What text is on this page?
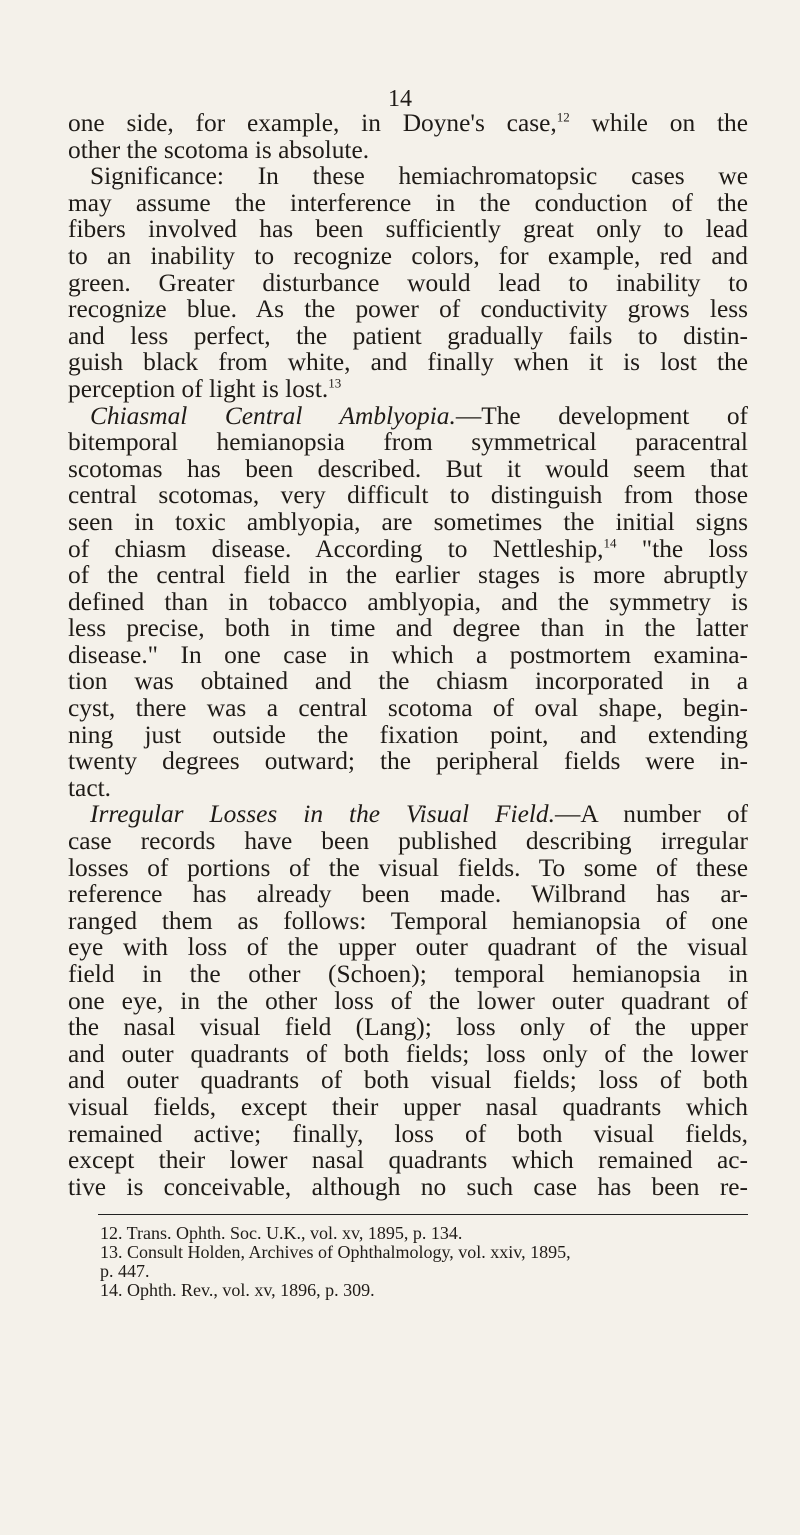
14
one side, for example, in Doyne's case,$^{12}$ while on the
other the scotoma is absolute.
Significance: In these hemiachromatopsic cases we
may assume the interference in the conduction of the
fibers involved has been sufficiently great only to lead
to an inability to recognize colors, for example, red and
green. Greater disturbance would lead to inability to
recognize blue. As the power of conductivity grows less
and less perfect, the patient gradually fails to distin-
guish black from white, and finally when it is lost the
perception of light is lost.$^{13}$
Chiasmal Central Amblyopia.—The development of
bitemporal hemianopsia from symmetrical paracentral
scotomas has been described. But it would seem that
central scotomas, very difficult to distinguish from those
seen in toxic amblyopia, are sometimes the initial signs
of chiasm disease. According to Nettleship,$^{14}$ "the loss
of the central field in the earlier stages is more abruptly
defined than in tobacco amblyopia, and the symmetry is
less precise, both in time and degree than in the latter
disease." In one case in which a postmortem examina-
tion was obtained and the chiasm incorporated in a
cyst, there was a central scotoma of oval shape, begin-
ning just outside the fixation point, and extending
twenty degrees outward; the peripheral fields were in-
tact.
Irregular Losses in the Visual Field.—A number of
case records have been published describing irregular
losses of portions of the visual fields. To some of these
reference has already been made. Wilbrand has ar-
ranged them as follows: Temporal hemianopsia of one
eye with loss of the upper outer quadrant of the visual
field in the other (Schoen); temporal hemianopsia in
one eye, in the other loss of the lower outer quadrant of
the nasal visual field (Lang); loss only of the upper
and outer quadrants of both fields; loss only of the lower
and outer quadrants of both visual fields; loss of both
visual fields, except their upper nasal quadrants which
remained active; finally, loss of both visual fields,
except their lower nasal quadrants which remained ac-
tive is conceivable, although no such case has been re-
12. Trans. Ophth. Soc. U.K., vol. xv, 1895, p. 134.
13. Consult Holden, Archives of Ophthalmology, vol. xxiv, 1895,
p. 447.
14. Ophth. Rev., vol. xv, 1896, p. 309.
